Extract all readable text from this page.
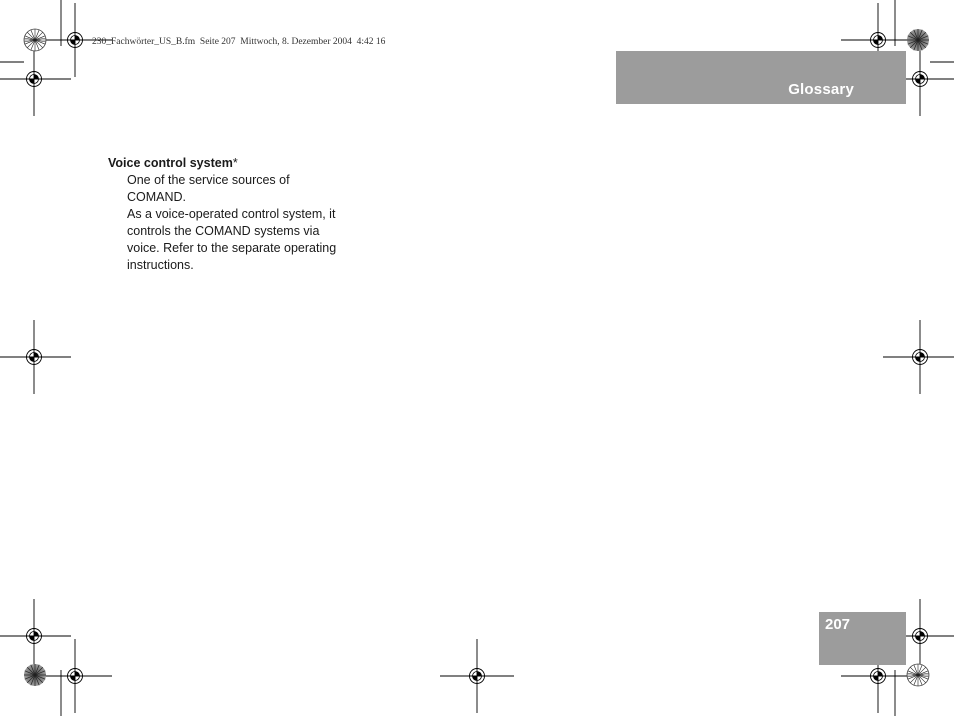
230_Fachwörter_US_B.fm  Seite 207  Mittwoch, 8. Dezember 2004  4:42 16
Glossary
Voice control system*
One of the service sources of
COMAND.
As a voice-operated control system, it
controls the COMAND systems via
voice. Refer to the separate operating
instructions.
207
